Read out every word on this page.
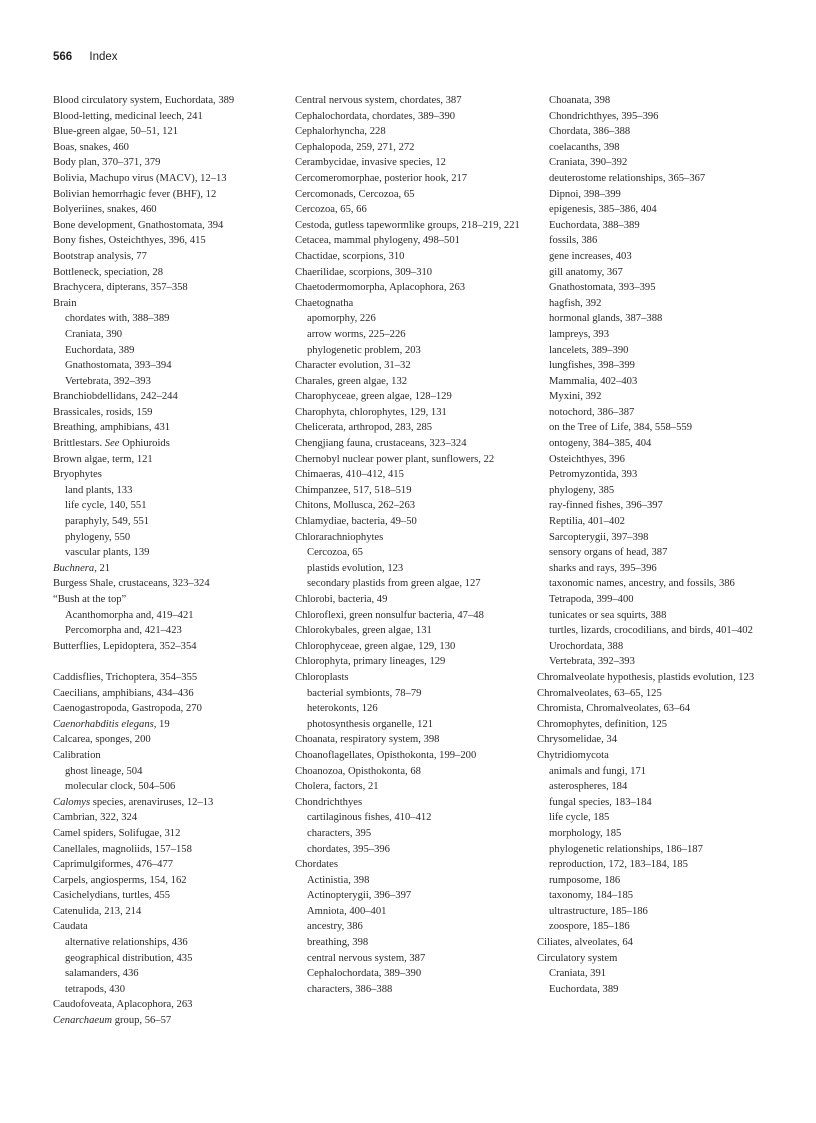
566 Index
Blood circulatory system, Euchordata, 389
Blood-letting, medicinal leech, 241
Blue-green algae, 50–51, 121
Boas, snakes, 460
Body plan, 370–371, 379
Bolivia, Machupo virus (MACV), 12–13
Bolivian hemorrhagic fever (BHF), 12
Bolyeriines, snakes, 460
Bone development, Gnathostomata, 394
Bony fishes, Osteichthyes, 396, 415
Bootstrap analysis, 77
Bottleneck, speciation, 28
Brachycera, dipterans, 357–358
Brain
chordates with, 388–389
Craniata, 390
Euchordata, 389
Gnathostomata, 393–394
Vertebrata, 392–393
Branchiobdellidans, 242–244
Brassicales, rosids, 159
Breathing, amphibians, 431
Brittlestars. See Ophiuroids
Brown algae, term, 121
Bryophytes
land plants, 133
life cycle, 140, 551
paraphyly, 549, 551
phylogeny, 550
vascular plants, 139
Buchnera, 21
Burgess Shale, crustaceans, 323–324
“Bush at the top”
Acanthomorpha and, 419–421
Percomorpha and, 421–423
Butterflies, Lepidoptera, 352–354
Caddisflies, Trichoptera, 354–355
Caecilians, amphibians, 434–436
Caenogastropoda, Gastropoda, 270
Caenorhabditis elegans, 19
Calcarea, sponges, 200
Calibration
ghost lineage, 504
molecular clock, 504–506
Calomys species, arenaviruses, 12–13
Cambrian, 322, 324
Camel spiders, Solifugae, 312
Canellales, magnoliids, 157–158
Caprimulgiformes, 476–477
Carpels, angiosperms, 154, 162
Casichelydians, turtles, 455
Catenulida, 213, 214
Caudata
alternative relationships, 436
geographical distribution, 435
salamanders, 436
tetrapods, 430
Caudofoveata, Aplacophora, 263
Cenarchaeum group, 56–57
Central nervous system, chordates, 387
Cephalochordata, chordates, 389–390
Cephalorhyncha, 228
Cephalopoda, 259, 271, 272
Cerambycidae, invasive species, 12
Cercomeromorphae, posterior hook, 217
Cercomonads, Cercozoa, 65
Cercozoa, 65, 66
Cestoda, gutless tapewormlike groups, 218–219, 221
Cetacea, mammal phylogeny, 498–501
Chactidae, scorpions, 310
Chaerilidae, scorpions, 309–310
Chaetodermomorpha, Aplacophora, 263
Chaetognatha
apomorphy, 226
arrow worms, 225–226
phylogenetic problem, 203
Character evolution, 31–32
Charales, green algae, 132
Charophyceae, green algae, 128–129
Charophyta, chlorophytes, 129, 131
Chelicerata, arthropod, 283, 285
Chengjiang fauna, crustaceans, 323–324
Chernobyl nuclear power plant, sunflowers, 22
Chimaeras, 410–412, 415
Chimpanzee, 517, 518–519
Chitons, Mollusca, 262–263
Chlamydiae, bacteria, 49–50
Chlorarachniophytes
Cercozoa, 65
plastids evolution, 123
secondary plastids from green algae, 127
Chlorobi, bacteria, 49
Chloroflexi, green nonsulfur bacteria, 47–48
Chlorokybales, green algae, 131
Chlorophyceae, green algae, 129, 130
Chlorophyta, primary lineages, 129
Chloroplasts
bacterial symbionts, 78–79
heterokonts, 126
photosynthesis organelle, 121
Choanata, respiratory system, 398
Choanoflagellates, Opisthokonta, 199–200
Choanozoa, Opisthokonta, 68
Cholera, factors, 21
Chondrichthyes
cartilaginous fishes, 410–412
characters, 395
chordates, 395–396
Chordates
Actinistia, 398
Actinopterygii, 396–397
Amniota, 400–401
ancestry, 386
breathing, 398
central nervous system, 387
Cephalochordata, 389–390
characters, 386–388
Choanata, 398
Chondrichthyes, 395–396
Chordata, 386–388
coelacanths, 398
Craniata, 390–392
deuterostome relationships, 365–367
Dipnoi, 398–399
epigenesis, 385–386, 404
Euchordata, 388–389
fossils, 386
gene increases, 403
gill anatomy, 367
Gnathostomata, 393–395
hagfish, 392
hormonal glands, 387–388
lampreys, 393
lancelets, 389–390
lungfishes, 398–399
Mammalia, 402–403
Myxini, 392
notochord, 386–387
on the Tree of Life, 384, 558–559
ontogeny, 384–385, 404
Osteichthyes, 396
Petromyzontida, 393
phylogeny, 385
ray-finned fishes, 396–397
Reptilia, 401–402
Sarcopterygii, 397–398
sensory organs of head, 387
sharks and rays, 395–396
taxonomic names, ancestry, and fossils, 386
Tetrapoda, 399–400
tunicates or sea squirts, 388
turtles, lizards, crocodilians, and birds, 401–402
Urochordata, 388
Vertebrata, 392–393
Chromalveolate hypothesis, plastids evolution, 123
Chromalveolates, 63–65, 125
Chromista, Chromalveolates, 63–64
Chromophytes, definition, 125
Chrysomelidae, 34
Chytridiomycota
animals and fungi, 171
asterospheres, 184
fungal species, 183–184
life cycle, 185
morphology, 185
phylogenetic relationships, 186–187
reproduction, 172, 183–184, 185
rumposome, 186
taxonomy, 184–185
ultrastructure, 185–186
zoospore, 185–186
Ciliates, alveolates, 64
Circulatory system
Craniata, 391
Euchordata, 389
